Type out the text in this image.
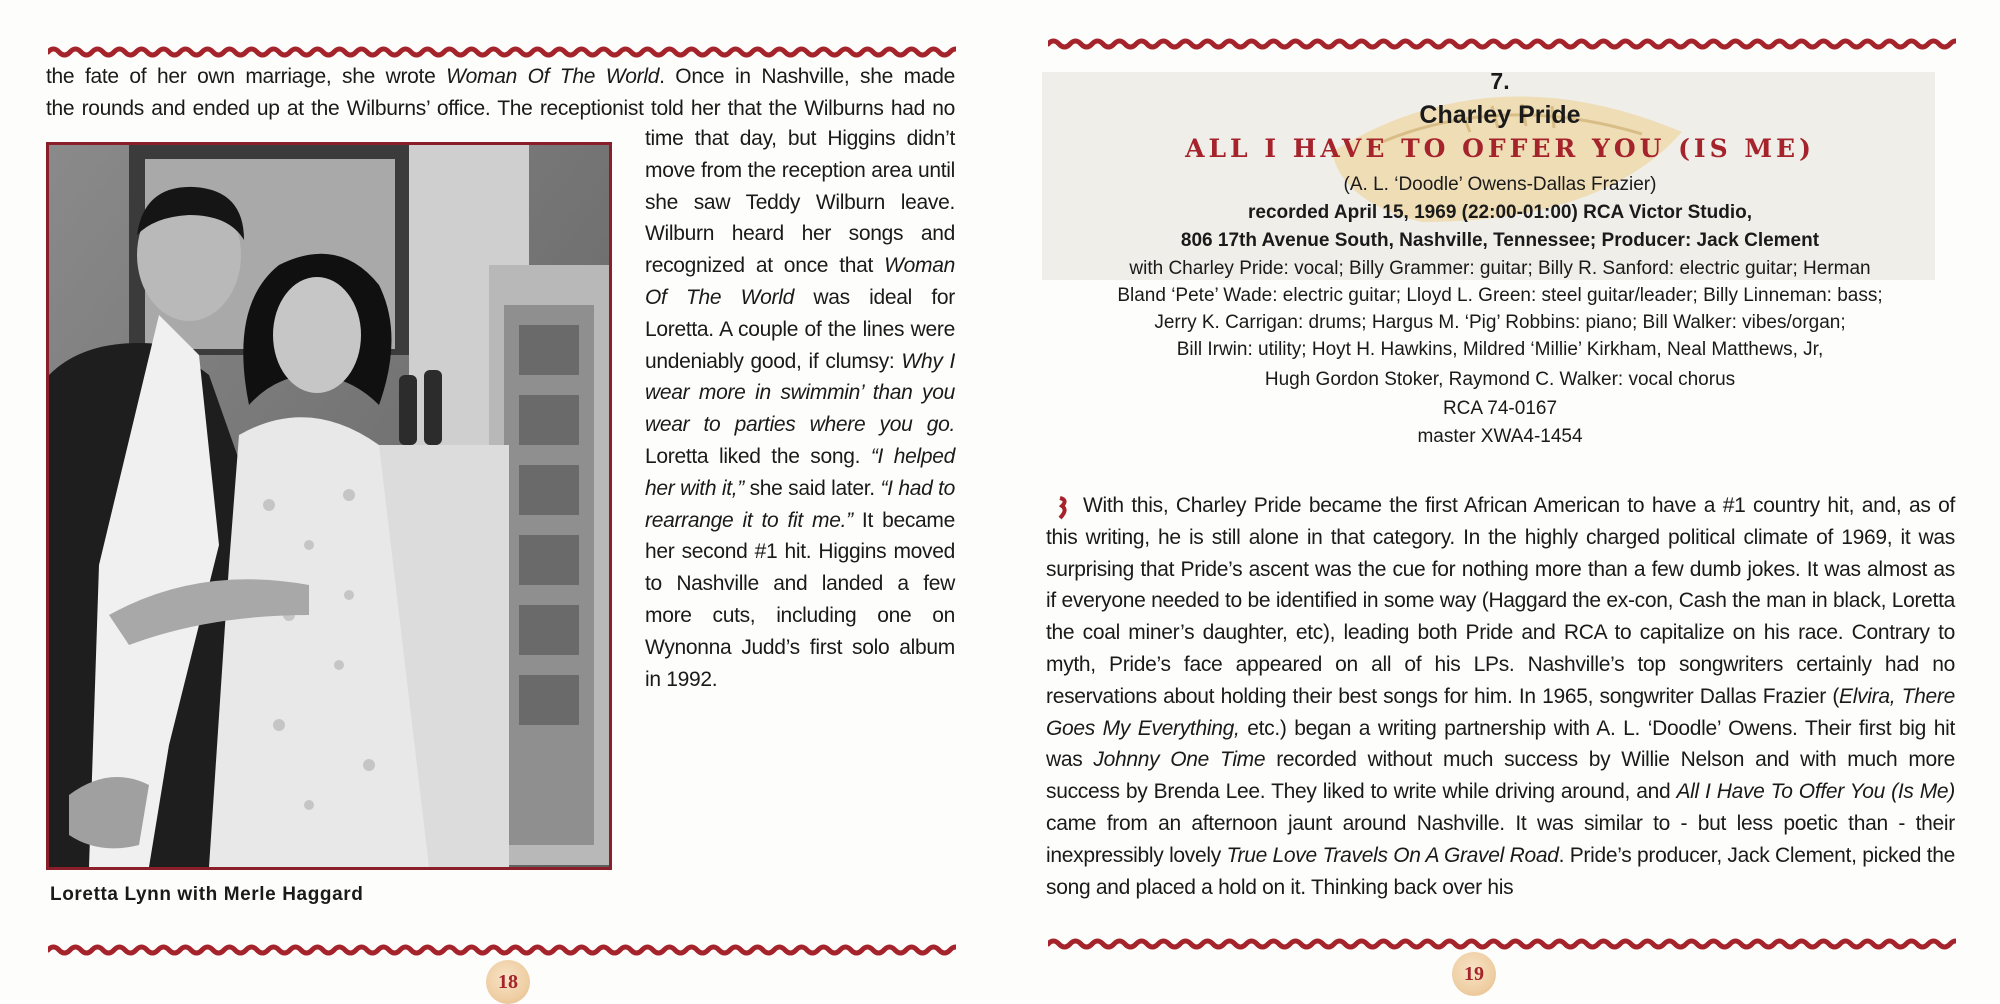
the fate of her own marriage, she wrote Woman Of The World. Once in Nashville, she made
the rounds and ended up at the Wilburns’ office. The receptionist told her that the Wilburns had no
time that day, but Higgins didn’t move from the reception area until she saw Teddy Wilburn leave. Wilburn heard her songs and recognized at once that Woman Of The World was ideal for Loretta. A couple of the lines were undeniably good, if clumsy: Why I wear more in swimmin’ than you wear to parties where you go. Loretta liked the song. “I helped her with it,” she said later. “I had to rearrange it to fit me.” It became her second #1 hit. Higgins moved to Nashville and landed a few more cuts, including one on Wynonna Judd’s first solo album in 1992.
Loretta Lynn with Merle Haggard
18
7.
Charley Pride
ALL I HAVE TO OFFER YOU (IS ME)
(A. L. ‘Doodle’ Owens-Dallas Frazier)
recorded April 15, 1969 (22:00-01:00) RCA Victor Studio,
806 17th Avenue South, Nashville, Tennessee; Producer: Jack Clement
with Charley Pride: vocal; Billy Grammer: guitar; Billy R. Sanford: electric guitar; Herman
Bland ‘Pete’ Wade: electric guitar; Lloyd L. Green: steel guitar/leader; Billy Linneman: bass;
Jerry K. Carrigan: drums; Hargus M. ‘Pig’ Robbins: piano; Bill Walker: vibes/organ;
Bill Irwin: utility; Hoyt H. Hawkins, Mildred ‘Millie’ Kirkham, Neal Matthews, Jr,
Hugh Gordon Stoker, Raymond C. Walker: vocal chorus
RCA 74-0167
master XWA4-1454
With this, Charley Pride became the first African American to have a #1 country hit, and, as of this writing, he is still alone in that category. In the highly charged political climate of 1969, it was surprising that Pride’s ascent was the cue for nothing more than a few dumb jokes. It was almost as if everyone needed to be identified in some way (Haggard the ex-con, Cash the man in black, Loretta the coal miner’s daughter, etc), leading both Pride and RCA to capitalize on his race. Contrary to myth, Pride’s face appeared on all of his LPs. Nashville’s top songwriters certainly had no reservations about holding their best songs for him. In 1965, songwriter Dallas Frazier (Elvira, There Goes My Everything, etc.) began a writing partnership with A. L. ‘Doodle’ Owens. Their first big hit was Johnny One Time recorded without much success by Willie Nelson and with much more success by Brenda Lee. They liked to write while driving around, and All I Have To Offer You (Is Me) came from an afternoon jaunt around Nashville. It was similar to - but less poetic than - their inexpressibly lovely True Love Travels On A Gravel Road. Pride’s producer, Jack Clement, picked the song and placed a hold on it. Thinking back over his
19
